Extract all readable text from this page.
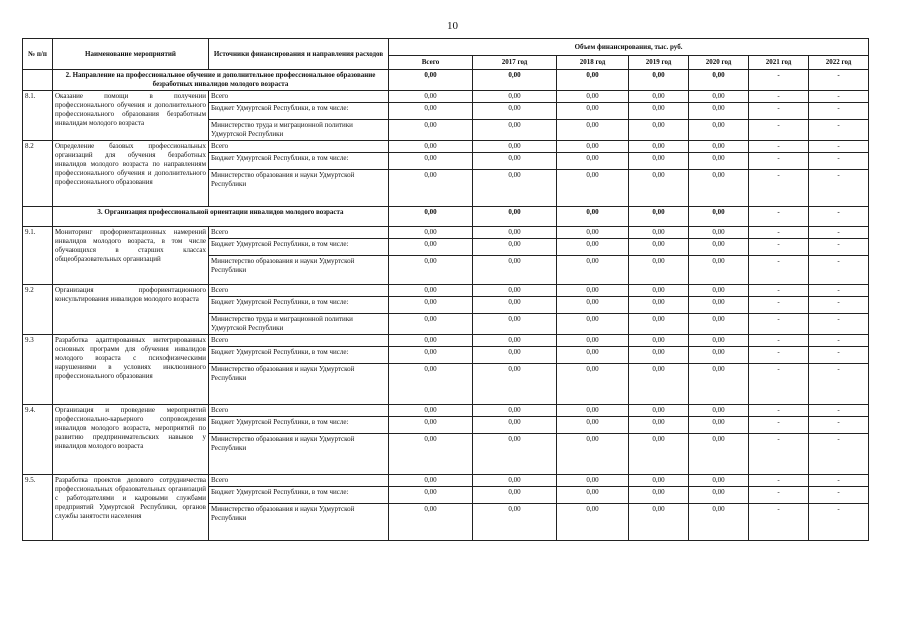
10
№ п/п	Наименование мероприятий	Источники финансирования и направления расходов	Объем финансирования, тыс. руб.						
			Всего	2017 год	2018 год	2019 год	2020 год	2021 год	2022 год
	2. Направление на профессиональное обучение и дополнительное профессиональное образование безработных инвалидов молодого возраста		0,00	0,00	0,00	0,00	0,00	-	-
8.1.	Оказание помощи в получении профессионального обучения и дополнительного профессионального образования безработным инвалидам молодого возраста	Всего	0,00	0,00	0,00	0,00	0,00	-	-
		Бюджет Удмуртской Республики, в том числе:	0,00	0,00	0,00	0,00	0,00	-	-
		Министерство труда и миграционной политики Удмуртской Республики	0,00	0,00	0,00	0,00	0,00	-	-
8.2	Определение базовых профессиональных организаций для обучения безработных инвалидов молодого возраста по направлениям профессионального обучения и дополнительного профессионального образования	Всего	0,00	0,00	0,00	0,00	0,00	-	-
		Бюджет Удмуртской Республики, в том числе:	0,00	0,00	0,00	0,00	0,00	-	-
		Министерство образования и науки Удмуртской Республики	0,00	0,00	0,00	0,00	0,00	-	-
	3. Организация профессиональной ориентации инвалидов молодого возраста		0,00	0,00	0,00	0,00	0,00	-	-
9.1.	Мониторинг профориентационных намерений инвалидов молодого возраста, в том числе обучающихся в старших классах общеобразовательных организаций	Всего	0,00	0,00	0,00	0,00	0,00	-	-
		Бюджет Удмуртской Республики, в том числе:	0,00	0,00	0,00	0,00	0,00	-	-
		Министерство образования и науки Удмуртской Республики	0,00	0,00	0,00	0,00	0,00	-	-
9.2	Организация профориентационного консультирования инвалидов молодого возраста	Всего	0,00	0,00	0,00	0,00	0,00	-	-
		Бюджет Удмуртской Республики, в том числе:	0,00	0,00	0,00	0,00	0,00	-	-
		Министерство труда и миграционной политики Удмуртской Республики	0,00	0,00	0,00	0,00	0,00	-	-
9.3	Разработка адаптированных интегрированных основных программ для обучения инвалидов молодого возраста с психофизическими нарушениями в условиях инклюзивного профессионального образования	Всего	0,00	0,00	0,00	0,00	0,00	-	-
		Бюджет Удмуртской Республики, в том числе:	0,00	0,00	0,00	0,00	0,00	-	-
		Министерство образования и науки Удмуртской Республики	0,00	0,00	0,00	0,00	0,00	-	-
9.4.	Организация и проведение мероприятий профессионально-карьерного сопровождения инвалидов молодого возраста, мероприятий по развитию предпринимательских навыков у инвалидов молодого возраста	Всего	0,00	0,00	0,00	0,00	0,00	-	-
		Бюджет Удмуртской Республики, в том числе:	0,00	0,00	0,00	0,00	0,00	-	-
		Министерство образования и науки Удмуртской Республики	0,00	0,00	0,00	0,00	0,00	-	-
9.5.	Разработка проектов делового сотрудничества профессиональных образовательных организаций с работодателями и кадровыми службами предприятий Удмуртской Республики, органов службы занятости населения	Всего	0,00	0,00	0,00	0,00	0,00	-	-
		Бюджет Удмуртской Республики, в том числе:	0,00	0,00	0,00	0,00	0,00	-	-
		Министерство образования и науки Удмуртской Республики	0,00	0,00	0,00	0,00	0,00	-	-
